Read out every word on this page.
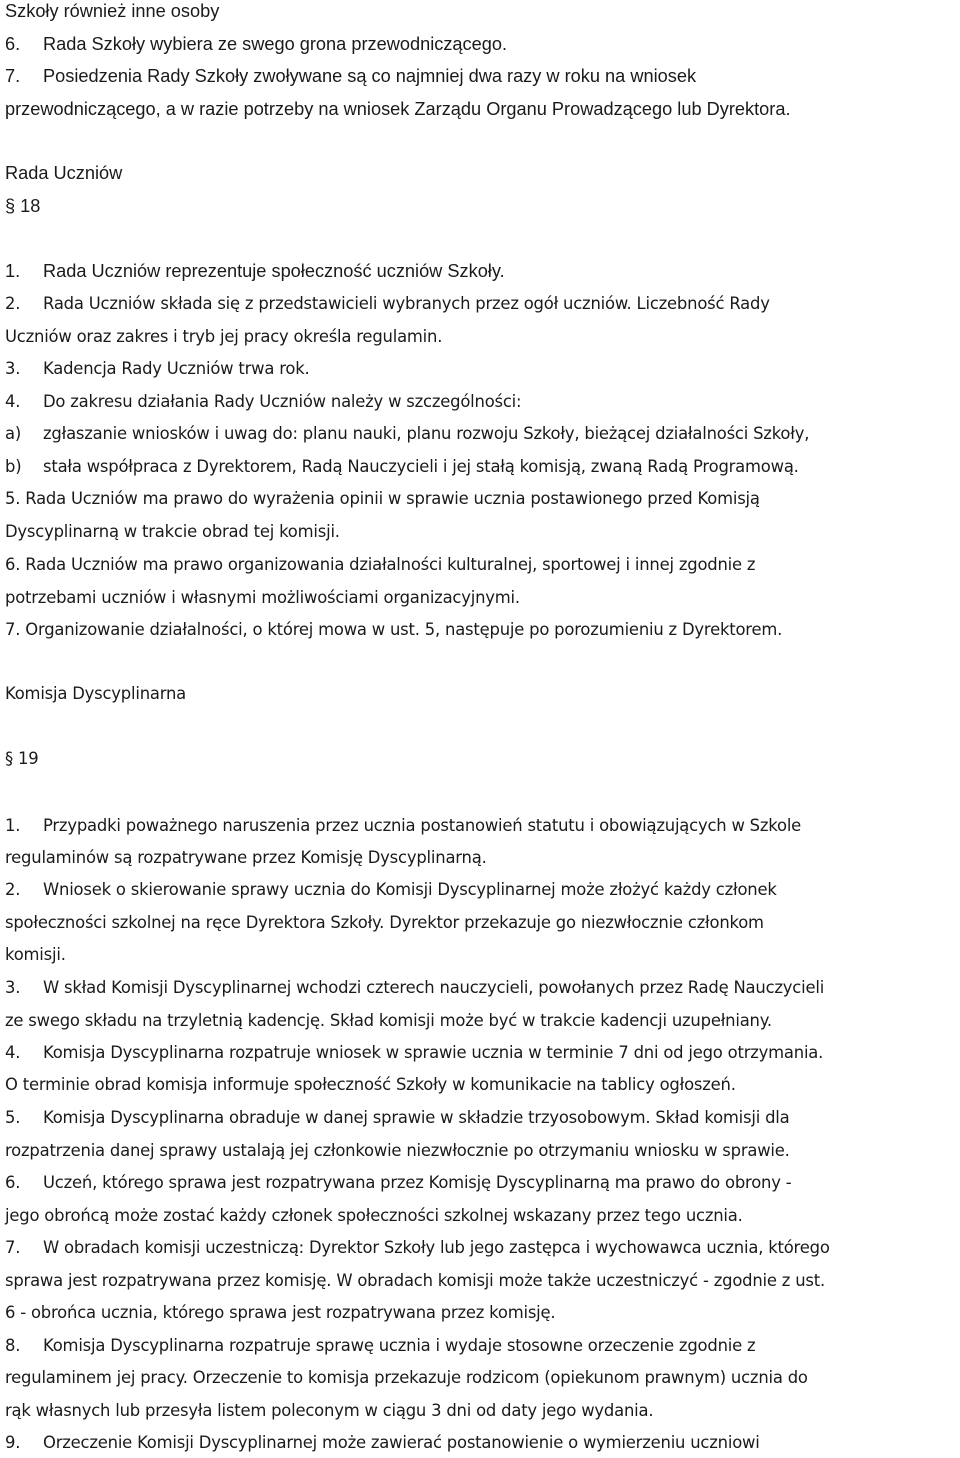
Szkoły również inne osoby
6. Rada Szkoły wybiera ze swego grona przewodniczącego.
7. Posiedzenia Rady Szkoły zwoływane są co najmniej dwa razy w roku na wniosek
przewodniczącego, a w razie potrzeby na wniosek Zarządu Organu Prowadzącego lub Dyrektora.
Rada Uczniów
§ 18
1. Rada Uczniów reprezentuje społeczność uczniów Szkoły.
2. Rada Uczniów składa się z przedstawicieli wybranych przez ogół uczniów. Liczebność Rady
Uczniów oraz zakres i tryb jej pracy określa regulamin.
3. Kadencja Rady Uczniów trwa rok.
4. Do zakresu działania Rady Uczniów należy w szczególności:
a) zgłaszanie wniosków i uwag do: planu nauki, planu rozwoju Szkoły, bieżącej działalności Szkoły,
b) stała współpraca z Dyrektorem, Radą Nauczycieli i jej stałą komisją, zwaną Radą Programową.
5. Rada Uczniów ma prawo do wyrażenia opinii w sprawie ucznia postawionego przed Komisją
Dyscyplinarną w trakcie obrad tej komisji.
6. Rada Uczniów ma prawo organizowania działalności kulturalnej, sportowej i innej zgodnie z
potrzebami uczniów i własnymi możliwościami organizacyjnymi.
7. Organizowanie działalności, o której mowa w ust. 5, następuje po porozumieniu z Dyrektorem.
Komisja Dyscyplinarna
§ 19
1. Przypadki poważnego naruszenia przez ucznia postanowień statutu i obowiązujących w Szkole
regulaminów są rozpatrywane przez Komisję Dyscyplinarną.
2. Wniosek o skierowanie sprawy ucznia do Komisji Dyscyplinarnej może złożyć każdy członek
społeczności szkolnej na ręce Dyrektora Szkoły. Dyrektor przekazuje go niezwłocznie członkom
komisji.
3. W skład Komisji Dyscyplinarnej wchodzi czterech nauczycieli, powołanych przez Radę Nauczycieli
ze swego składu na trzyletnią kadencję. Skład komisji może być w trakcie kadencji uzupełniany.
4. Komisja Dyscyplinarna rozpatruje wniosek w sprawie ucznia w terminie 7 dni od jego otrzymania.
O terminie obrad komisja informuje społeczność Szkoły w komunikacie na tablicy ogłoszeń.
5. Komisja Dyscyplinarna obraduje w danej sprawie w składzie trzyosobowym. Skład komisji dla
rozpatrzenia danej sprawy ustalają jej członkowie niezwłocznie po otrzymaniu wniosku w sprawie.
6. Uczeń, którego sprawa jest rozpatrywana przez Komisję Dyscyplinarną ma prawo do obrony -
jego obrońcą może zostać każdy członek społeczności szkolnej wskazany przez tego ucznia.
7. W obradach komisji uczestniczą: Dyrektor Szkoły lub jego zastępca i wychowawca ucznia, którego
sprawa jest rozpatrywana przez komisję. W obradach komisji może także uczestniczyć - zgodnie z ust.
6 - obrońca ucznia, którego sprawa jest rozpatrywana przez komisję.
8. Komisja Dyscyplinarna rozpatruje sprawę ucznia i wydaje stosowne orzeczenie zgodnie z
regulaminem jej pracy. Orzeczenie to komisja przekazuje rodzicom (opiekunom prawnym) ucznia do
rąk własnych lub przesyła listem poleconym w ciągu 3 dni od daty jego wydania.
9. Orzeczenie Komisji Dyscyplinarnej może zawierać postanowienie o wymierzeniu uczniowi
